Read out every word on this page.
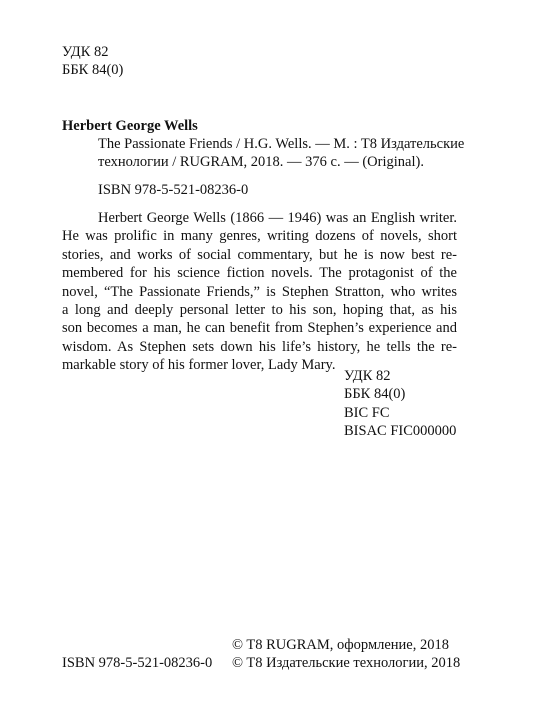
УДК 82
ББК 84(0)
Herbert George Wells
The Passionate Friends / H.G. Wells. — M. : T8 Издательские
технологии / RUGRAM, 2018. — 376 c. — (Original).
ISBN 978-5-521-08236-0
Herbert George Wells (1866 — 1946) was an English writer.
He was prolific in many genres, writing dozens of novels, short
stories, and works of social commentary, but he is now best re-
membered for his science fiction novels. The protagonist of the
novel, “The Passionate Friends,” is Stephen Stratton, who writes
a long and deeply personal letter to his son, hoping that, as his
son becomes a man, he can benefit from Stephen’s experience and
wisdom. As Stephen sets down his life’s history, he tells the re-
markable story of his former lover, Lady Mary.
УДК 82
ББК 84(0)
BIC FC
BISAC FIC000000
© T8 RUGRAM, оформление, 2018
© T8 Издательские технологии, 2018
ISBN 978-5-521-08236-0
